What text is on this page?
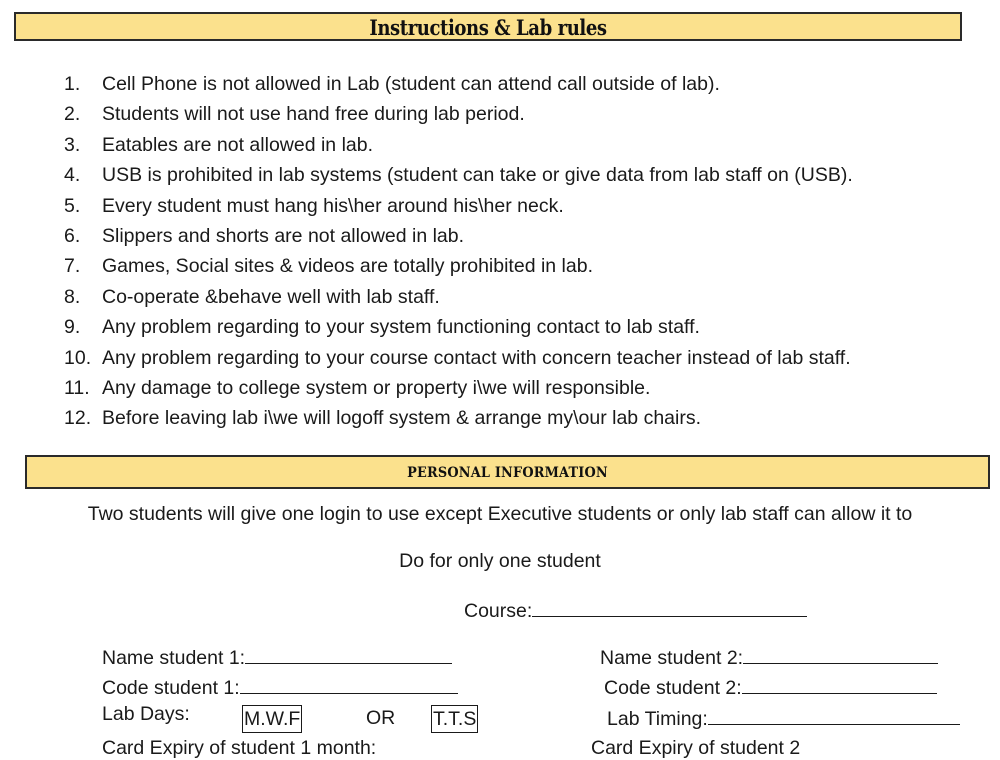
Instructions & Lab rules
1. Cell Phone is not allowed in Lab (student can attend call outside of lab).
2. Students will not use hand free during lab period.
3. Eatables are not allowed in lab.
4. USB is prohibited in lab systems (student can take or give data from lab staff on (USB).
5. Every student must hang his\her around his\her neck.
6. Slippers and shorts are not allowed in lab.
7. Games, Social sites & videos are totally prohibited in lab.
8. Co-operate &behave well with lab staff.
9. Any problem regarding to your system functioning contact to lab staff.
10. Any problem regarding to your course contact with concern teacher instead of lab staff.
11. Any damage to college system or property i\we will responsible.
12. Before leaving lab i\we will logoff system & arrange my\our lab chairs.
PERSONAL INFORMATION
Two students will give one login to use except Executive students or only lab staff can allow it to
Do for only one student
Course:
Name student 1:
Code student 1:
Lab Days:	M.W.F	OR T.T.S
Card Expiry of student 1 month:
Name student 2:
Code student 2:
Lab Timing:
Card Expiry of student 2
